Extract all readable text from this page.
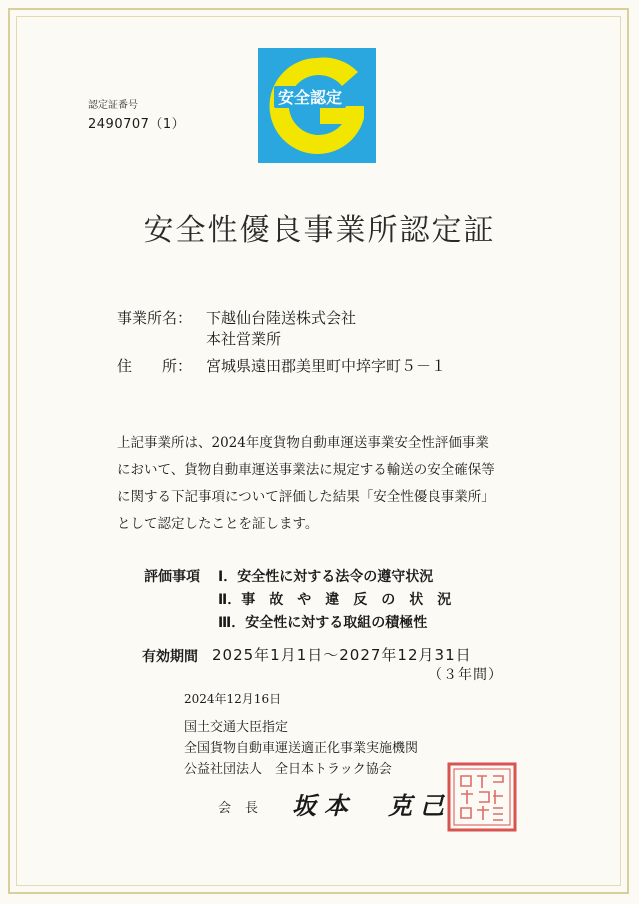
認定証番号
2490707（1）
安全認定
安全性優良事業所認定証
事業所名： 下越仙台陸送株式会社
本社営業所
住　　所： 宮城県遠田郡美里町中埣字町５－１
上記事業所は、2024年度貨物自動車運送事業安全性評価事業
において、貨物自動車運送事業法に規定する輸送の安全確保等
に関する下記事項について評価した結果「安全性優良事業所」
として認定したことを証します。
評価事項 Ⅰ．安全性に対する法令の遵守状況
Ⅱ．事　故　や　違　反　の　状　況
Ⅲ．安全性に対する取組の積極性
有効期間 2025年1月1日～2027年12月31日
（３年間）
2024年12月16日
国土交通大臣指定
全国貨物自動車運送適正化事業実施機関
公益社団法人　全日本トラック協会
会長 坂本　克己
